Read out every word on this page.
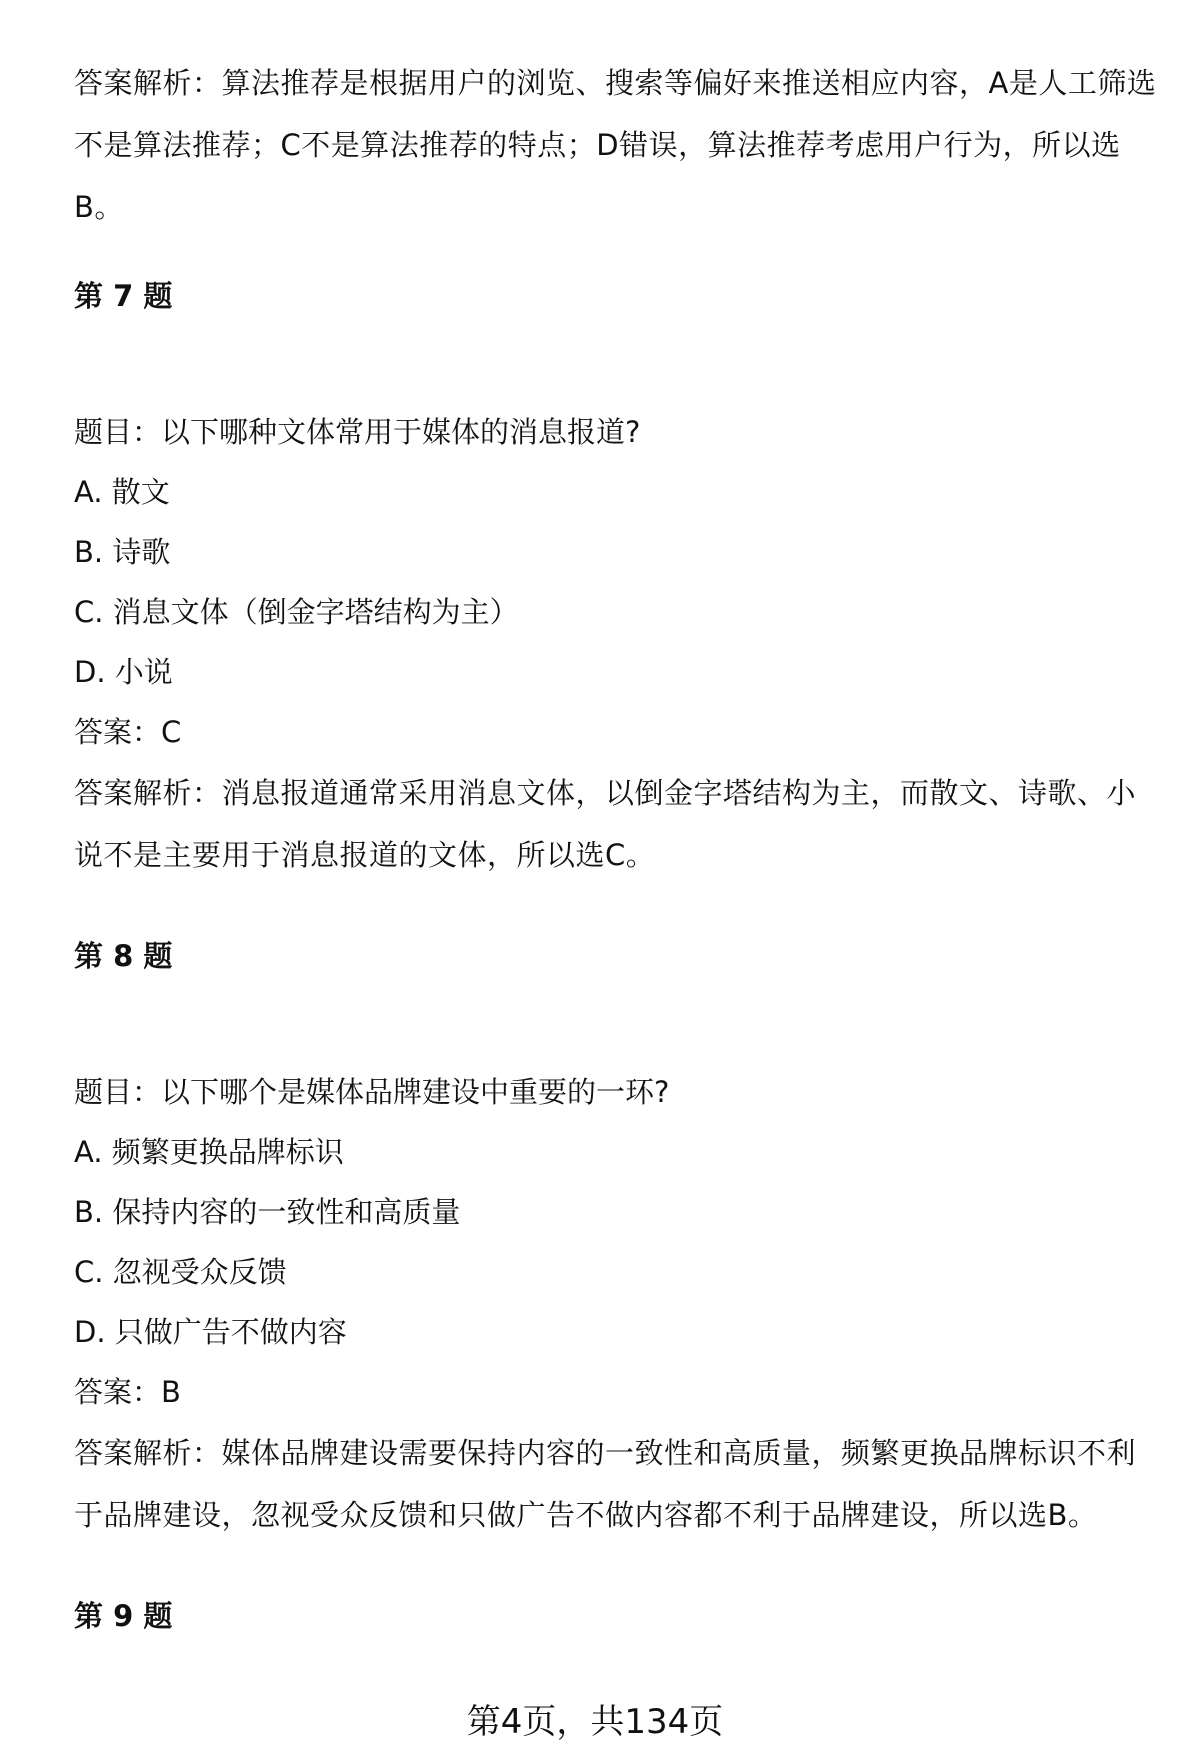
答案解析：算法推荐是根据用户的浏览、搜索等偏好来推送相应内容，A是人工筛选不是算法推荐；C不是算法推荐的特点；D错误，算法推荐考虑用户行为，所以选B。

第 7 题
题目：以下哪种文体常用于媒体的消息报道?
A. 散文
B. 诗歌
C. 消息文体（倒金字塔结构为主）
D. 小说
答案：C

答案解析：消息报道通常采用消息文体，以倒金字塔结构为主，而散文、诗歌、小说不是主要用于消息报道的文体，所以选C。

第 8 题
题目：以下哪个是媒体品牌建设中重要的一环?
A. 频繁更换品牌标识
B. 保持内容的一致性和高质量
C. 忽视受众反馈
D. 只做广告不做内容
答案：B

答案解析：媒体品牌建设需要保持内容的一致性和高质量，频繁更换品牌标识不利于品牌建设，忽视受众反馈和只做广告不做内容都不利于品牌建设，所以选B。

第 9 题
第4页，共134页
